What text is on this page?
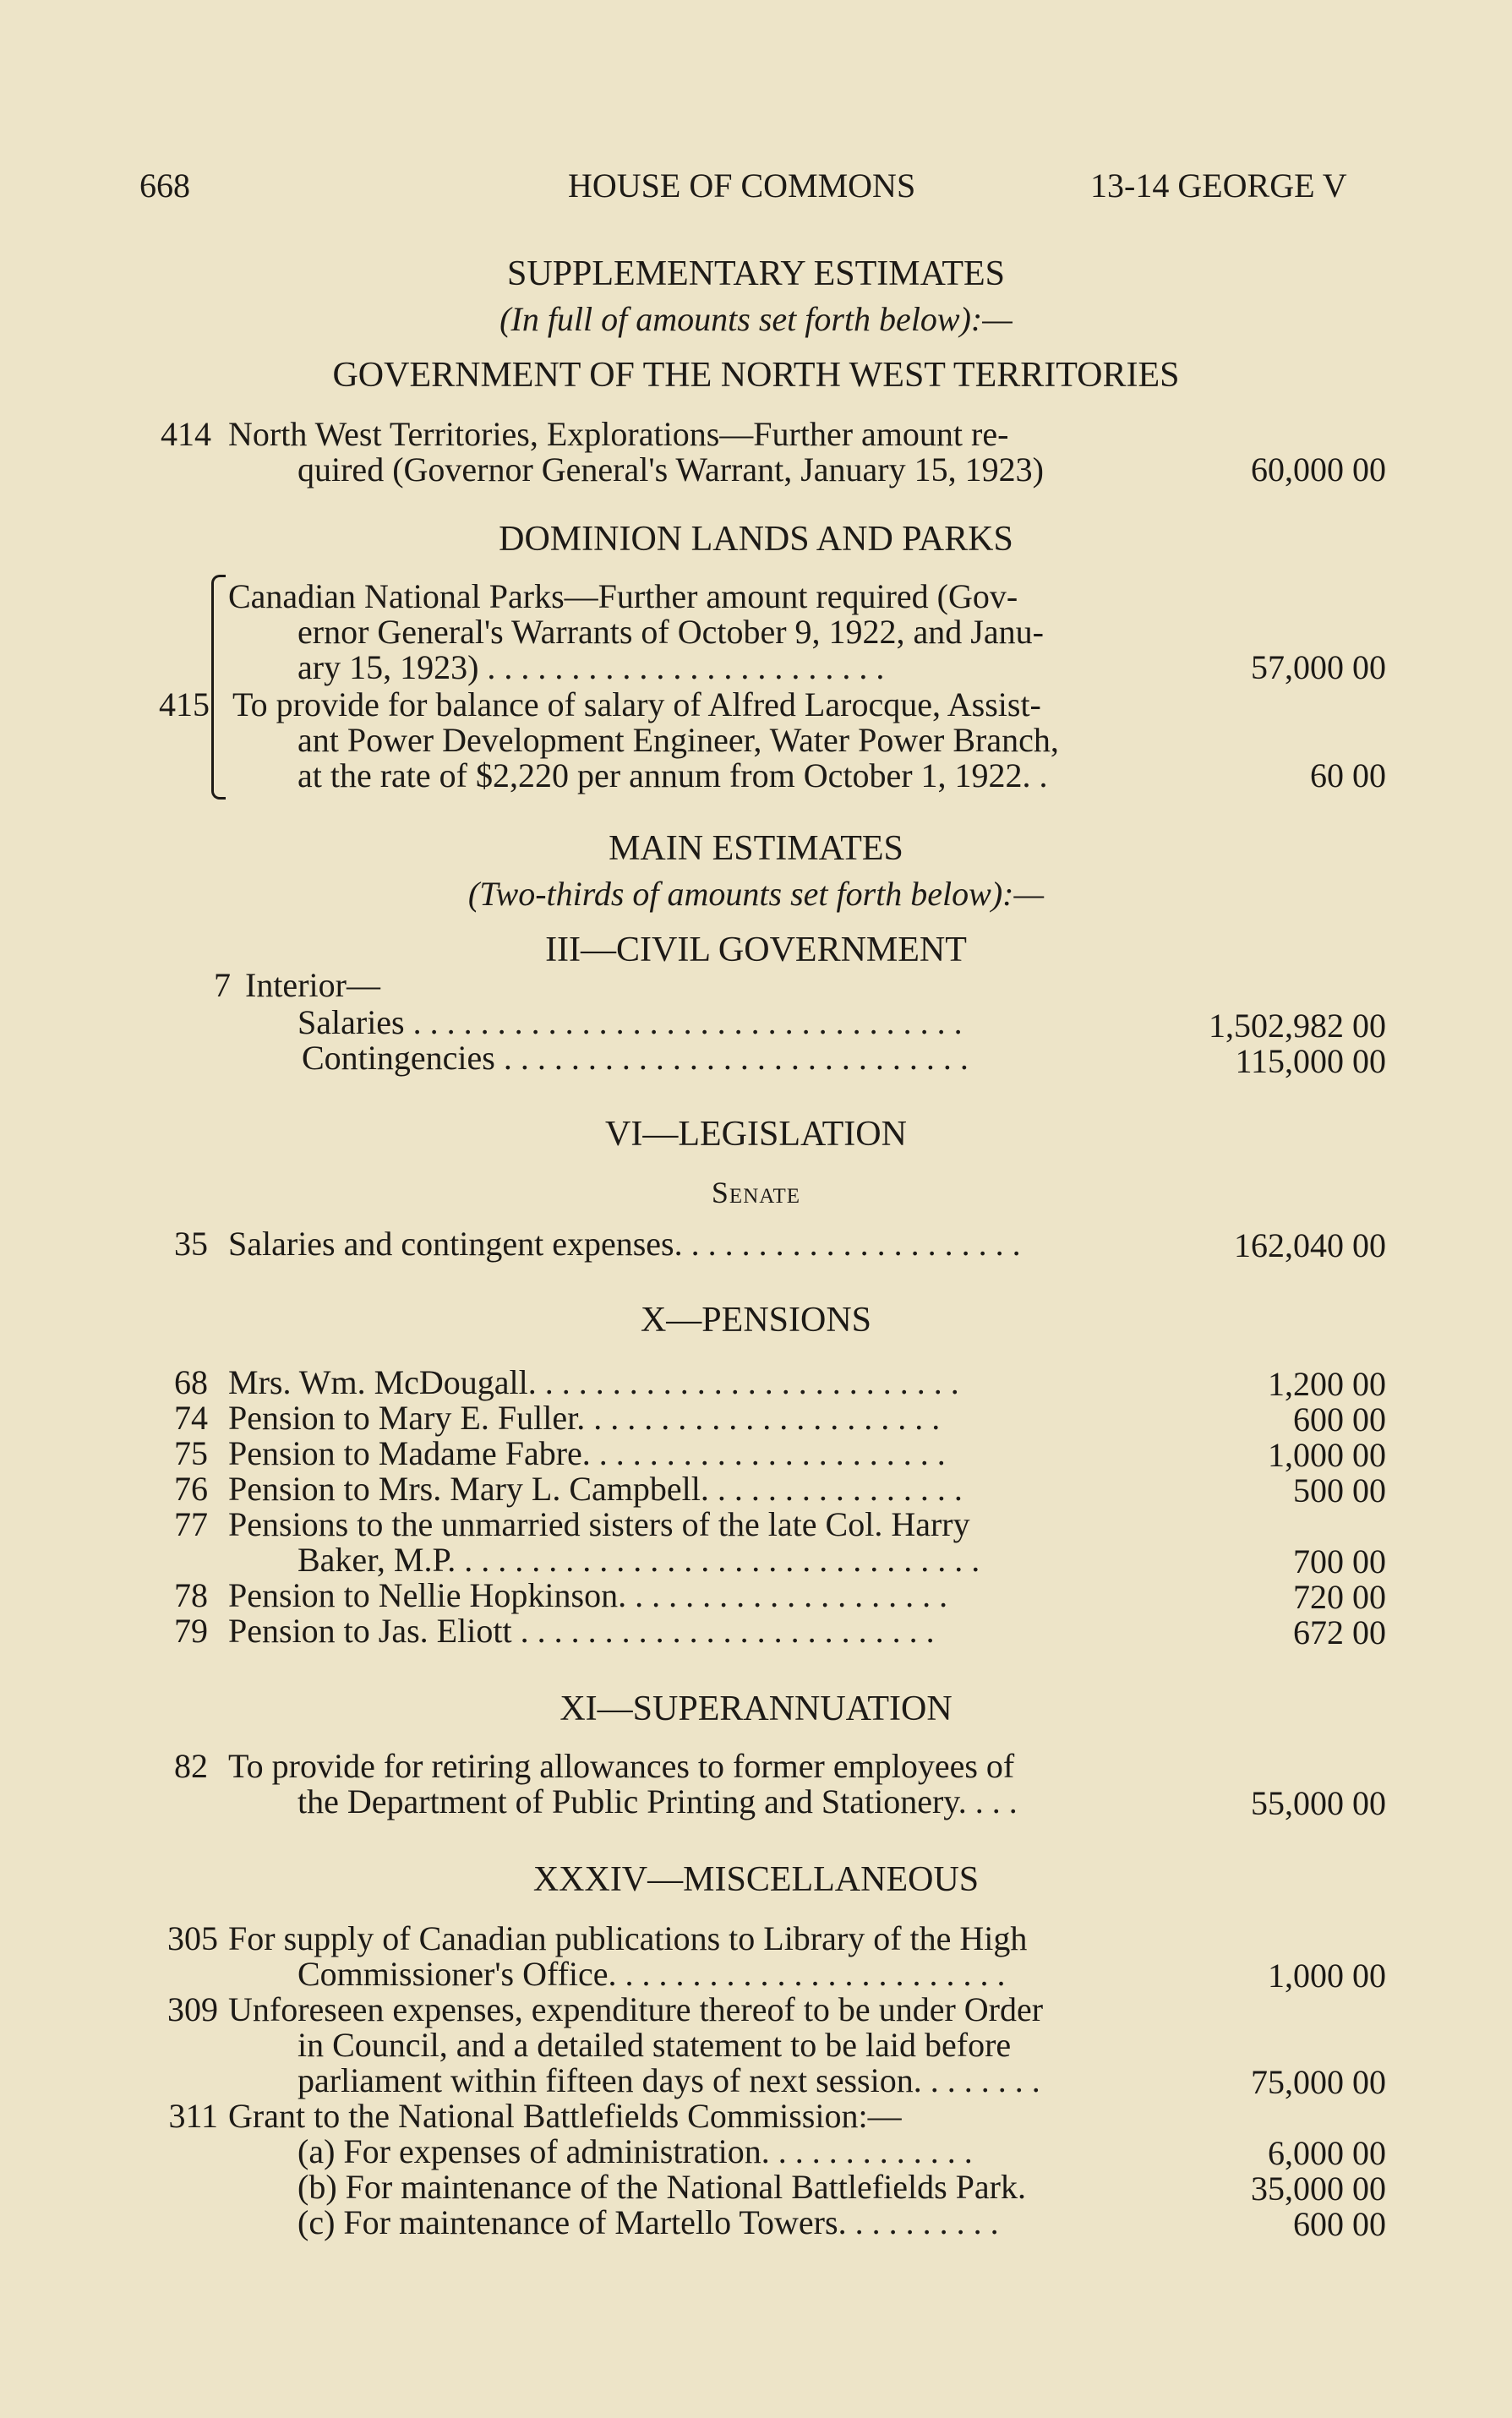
668	HOUSE OF COMMONS	13-14 GEORGE V
SUPPLEMENTARY ESTIMATES
(In full of amounts set forth below):—
GOVERNMENT OF THE NORTH WEST TERRITORIES
414 North West Territories, Explorations—Further amount re-
quired (Governor General's Warrant, January 15, 1923)	60,000 00
DOMINION LANDS AND PARKS
415
Canadian National Parks—Further amount required (Gov-
ernor General's Warrants of October 9, 1922, and Janu-
ary 15, 1923) . . . . . . . . . . . . . . . . . . . . . . . .	57,000 00
To provide for balance of salary of Alfred Larocque, Assist-
ant Power Development Engineer, Water Power Branch,
at the rate of $2,220 per annum from October 1, 1922. .	60 00
MAIN ESTIMATES
(Two-thirds of amounts set forth below):—
III—CIVIL GOVERNMENT
7 Interior—
Salaries . . . . . . . . . . . . . . . . . . . . . . . . . . . . . . . . .	1,502,982 00
Contingencies . . . . . . . . . . . . . . . . . . . . . . . . . . . .	115,000 00
VI—LEGISLATION
Senate
35 Salaries and contingent expenses. . . . . . . . . . . . . . . . . . . . .	162,040 00
X—PENSIONS
68 Mrs. Wm. McDougall. . . . . . . . . . . . . . . . . . . . . . . . . .	1,200 00
74 Pension to Mary E. Fuller. . . . . . . . . . . . . . . . . . . . . .	600 00
75 Pension to Madame Fabre. . . . . . . . . . . . . . . . . . . . . .	1,000 00
76 Pension to Mrs. Mary L. Campbell. . . . . . . . . . . . . . . .	500 00
77 Pensions to the unmarried sisters of the late Col. Harry
Baker, M.P. . . . . . . . . . . . . . . . . . . . . . . . . . . . . . . .	700 00
78 Pension to Nellie Hopkinson. . . . . . . . . . . . . . . . . . . .	720 00
79 Pension to Jas. Eliott . . . . . . . . . . . . . . . . . . . . . . . . .	672 00
XI—SUPERANNUATION
82 To provide for retiring allowances to former employees of
the Department of Public Printing and Stationery. . . .	55,000 00
XXXIV—MISCELLANEOUS
305 For supply of Canadian publications to Library of the High
Commissioner's Office. . . . . . . . . . . . . . . . . . . . . . . .	1,000 00
309 Unforeseen expenses, expenditure thereof to be under Order
in Council, and a detailed statement to be laid before
parliament within fifteen days of next session. . . . . . . .	75,000 00
311 Grant to the National Battlefields Commission:—
(a) For expenses of administration. . . . . . . . . . . . .	6,000 00
(b) For maintenance of the National Battlefields Park.	35,000 00
(c) For maintenance of Martello Towers. . . . . . . . . .	600 00
